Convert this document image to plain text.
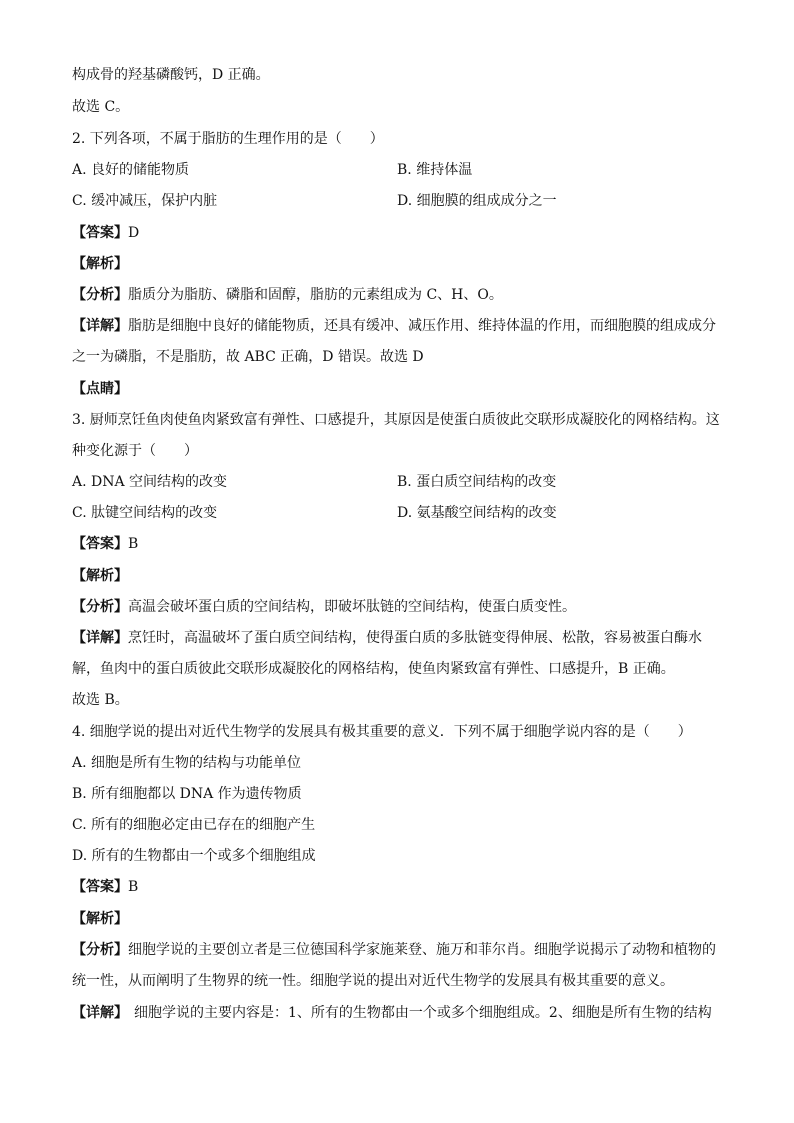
构成骨的羟基磷酸钙，D 正确。
故选 C。
2. 下列各项，不属于脂肪的生理作用的是（　　）
A. 良好的储能物质	B. 维持体温
C. 缓冲减压，保护内脏	D. 细胞膜的组成成分之一
【答案】D
【解析】
【分析】脂质分为脂肪、磷脂和固醇，脂肪的元素组成为 C、H、O。
【详解】脂肪是细胞中良好的储能物质，还具有缓冲、减压作用、维持体温的作用，而细胞膜的组成成分
之一为磷脂，不是脂肪，故 ABC 正确，D 错误。故选 D
【点睛】
3. 厨师烹饪鱼肉使鱼肉紧致富有弹性、口感提升，其原因是使蛋白质彼此交联形成凝胶化的网格结构。这
种变化源于（　　）
A. DNA 空间结构的改变	B. 蛋白质空间结构的改变
C. 肽键空间结构的改变	D. 氨基酸空间结构的改变
【答案】B
【解析】
【分析】高温会破坏蛋白质的空间结构，即破坏肽链的空间结构，使蛋白质变性。
【详解】烹饪时，高温破坏了蛋白质空间结构，使得蛋白质的多肽链变得伸展、松散，容易被蛋白酶水
解，鱼肉中的蛋白质彼此交联形成凝胶化的网格结构，使鱼肉紧致富有弹性、口感提升，B 正确。
故选 B。
4. 细胞学说的提出对近代生物学的发展具有极其重要的意义．下列不属于细胞学说内容的是（　　）
A. 细胞是所有生物的结构与功能单位
B. 所有细胞都以 DNA 作为遗传物质
C. 所有的细胞必定由已存在的细胞产生
D. 所有的生物都由一个或多个细胞组成
【答案】B
【解析】
【分析】细胞学说的主要创立者是三位德国科学家施莱登、施万和菲尔肖。细胞学说揭示了动物和植物的
统一性，从而阐明了生物界的统一性。细胞学说的提出对近代生物学的发展具有极其重要的意义。
【详解】 细胞学说的主要内容是：1、所有的生物都由一个或多个细胞组成。2、细胞是所有生物的结构
